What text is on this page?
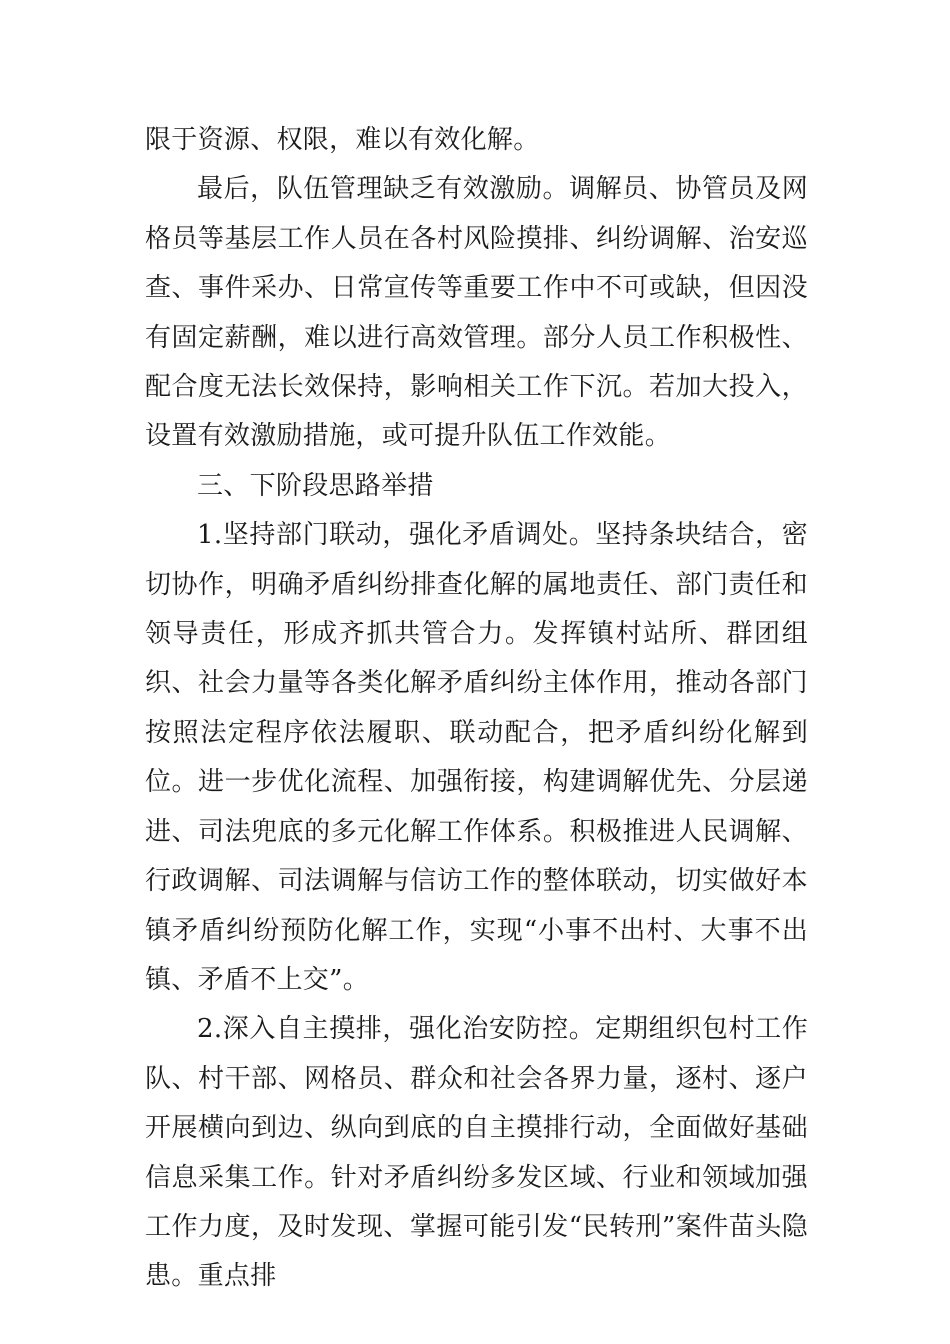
限于资源、权限，难以有效化解。

最后，队伍管理缺乏有效激励。调解员、协管员及网格员等基层工作人员在各村风险摸排、纠纷调解、治安巡查、事件采办、日常宣传等重要工作中不可或缺，但因没有固定薪酬，难以进行高效管理。部分人员工作积极性、配合度无法长效保持，影响相关工作下沉。若加大投入，设置有效激励措施，或可提升队伍工作效能。

三、下阶段思路举措

1.坚持部门联动，强化矛盾调处。坚持条块结合，密切协作，明确矛盾纠纷排查化解的属地责任、部门责任和领导责任，形成齐抓共管合力。发挥镇村站所、群团组织、社会力量等各类化解矛盾纠纷主体作用，推动各部门按照法定程序依法履职、联动配合，把矛盾纠纷化解到位。进一步优化流程、加强衔接，构建调解优先、分层递进、司法兜底的多元化解工作体系。积极推进人民调解、行政调解、司法调解与信访工作的整体联动，切实做好本镇矛盾纠纷预防化解工作，实现“小事不出村、大事不出镇、矛盾不上交”。

2.深入自主摸排，强化治安防控。定期组织包村工作队、村干部、网格员、群众和社会各界力量，逐村、逐户开展横向到边、纵向到底的自主摸排行动，全面做好基础信息采集工作。针对矛盾纠纷多发区域、行业和领域加强工作力度，及时发现、掌握可能引发“民转刑”案件苗头隐患。重点排
